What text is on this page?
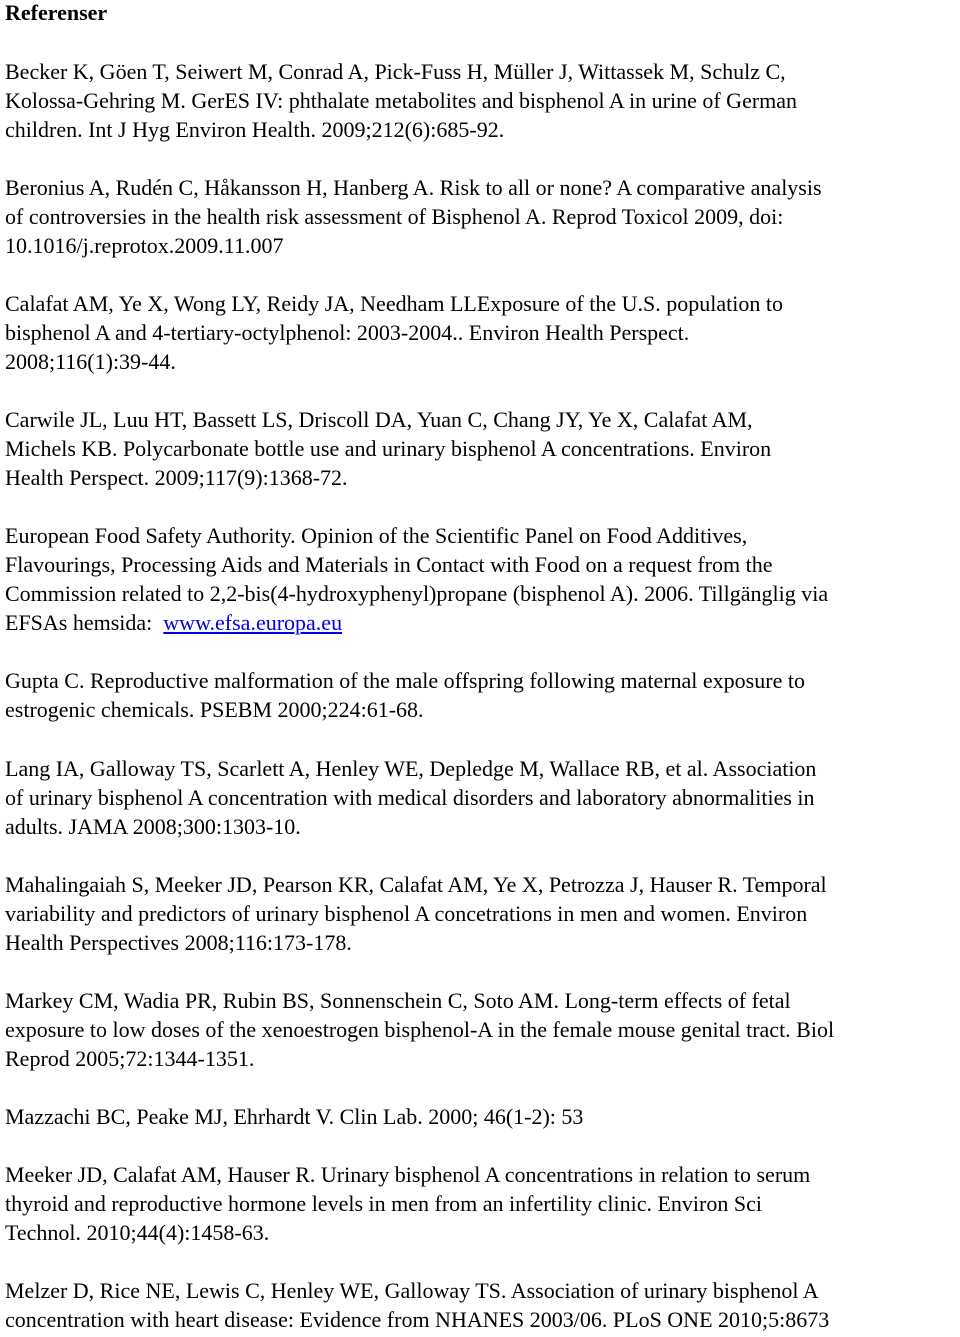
Referenser
Becker K, Göen T, Seiwert M, Conrad A, Pick-Fuss H, Müller J, Wittassek M, Schulz C,
Kolossa-Gehring M. GerES IV: phthalate metabolites and bisphenol A in urine of German
children. Int J Hyg Environ Health. 2009;212(6):685-92.
Beronius A, Rudén C, Håkansson H, Hanberg A. Risk to all or none? A comparative analysis
of controversies in the health risk assessment of Bisphenol A. Reprod Toxicol 2009, doi:
10.1016/j.reprotox.2009.11.007
Calafat AM, Ye X, Wong LY, Reidy JA, Needham LLExposure of the U.S. population to
bisphenol A and 4-tertiary-octylphenol: 2003-2004.. Environ Health Perspect.
2008;116(1):39-44.
Carwile JL, Luu HT, Bassett LS, Driscoll DA, Yuan C, Chang JY, Ye X, Calafat AM,
Michels KB. Polycarbonate bottle use and urinary bisphenol A concentrations. Environ
Health Perspect. 2009;117(9):1368-72.
European Food Safety Authority. Opinion of the Scientific Panel on Food Additives,
Flavourings, Processing Aids and Materials in Contact with Food on a request from the
Commission related to 2,2-bis(4-hydroxyphenyl)propane (bisphenol A). 2006. Tillgänglig via
EFSAs hemsida:  www.efsa.europa.eu
Gupta C. Reproductive malformation of the male offspring following maternal exposure to
estrogenic chemicals. PSEBM 2000;224:61-68.
Lang IA, Galloway TS, Scarlett A, Henley WE, Depledge M, Wallace RB, et al. Association
of urinary bisphenol A concentration with medical disorders and laboratory abnormalities in
adults. JAMA 2008;300:1303-10.
Mahalingaiah S, Meeker JD, Pearson KR, Calafat AM, Ye X, Petrozza J, Hauser R. Temporal
variability and predictors of urinary bisphenol A concetrations in men and women. Environ
Health Perspectives 2008;116:173-178.
Markey CM, Wadia PR, Rubin BS, Sonnenschein C, Soto AM. Long-term effects of fetal
exposure to low doses of the xenoestrogen bisphenol-A in the female mouse genital tract. Biol
Reprod 2005;72:1344-1351.
Mazzachi BC, Peake MJ, Ehrhardt V. Clin Lab. 2000; 46(1-2): 53
Meeker JD, Calafat AM, Hauser R. Urinary bisphenol A concentrations in relation to serum
thyroid and reproductive hormone levels in men from an infertility clinic. Environ Sci
Technol. 2010;44(4):1458-63.
Melzer D, Rice NE, Lewis C, Henley WE, Galloway TS. Association of urinary bisphenol A
concentration with heart disease: Evidence from NHANES 2003/06. PLoS ONE 2010;5:8673
